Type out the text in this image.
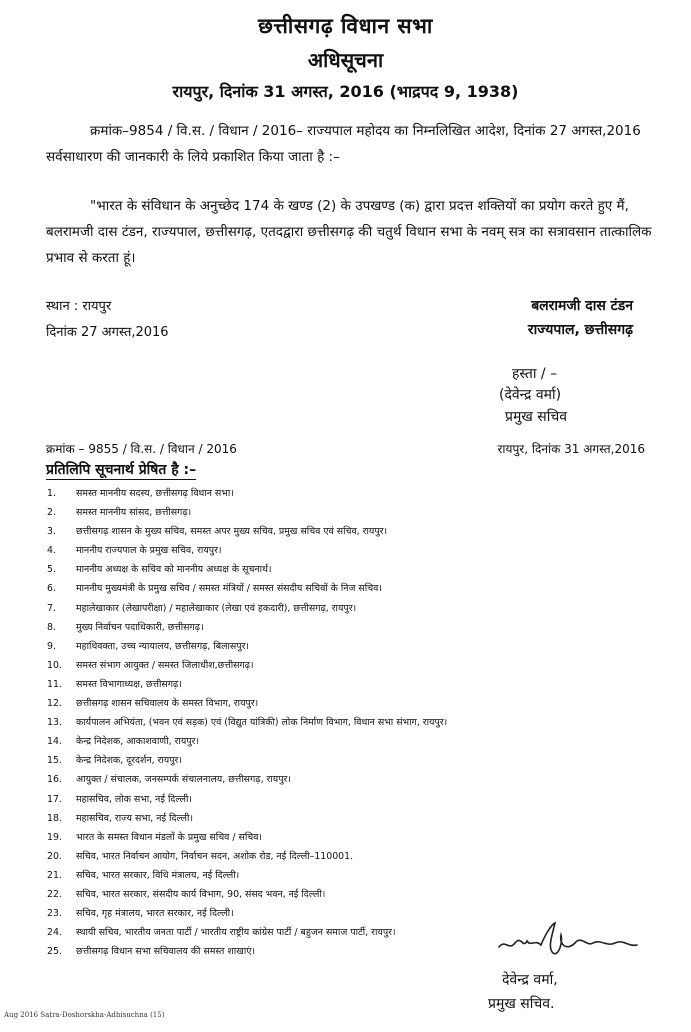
छत्तीसगढ़ विधान सभा
अधिसूचना
रायपुर, दिनांक 31 अगस्त, 2016 (भाद्रपद 9, 1938)
क्रमांक–9854 / वि.स. / विधान / 2016– राज्यपाल महोदय का निम्नलिखित आदेश, दिनांक 27 अगस्त,2016 सर्वसाधारण की जानकारी के लिये प्रकाशित किया जाता है :–
"भारत के संविधान के अनुच्छेद 174 के खण्ड (2) के उपखण्ड (क) द्वारा प्रदत्त शक्तियों का प्रयोग करते हुए मैं, बलरामजी दास टंडन, राज्यपाल, छत्तीसगढ़, एतदद्वारा छत्तीसगढ़ की चतुर्थ विधान सभा के नवम् सत्र का सत्रावसान तात्कालिक प्रभाव से करता हूं।
स्थान : रायपुर
दिनांक 27 अगस्त,2016
बलरामजी दास टंडन
राज्यपाल, छत्तीसगढ़
हस्ता / –
(देवेन्द्र वर्मा)
प्रमुख सचिव
क्रमांक – 9855 / वि.स. / विधान / 2016	रायपुर, दिनांक 31 अगस्त,2016
प्रतिलिपि सूचनार्थ प्रेषित है :–
1.	समस्त माननीय सदस्य, छत्तीसगढ़ विधान सभा।
2.	समस्त माननीय सांसद, छत्तीसगढ़।
3.	छत्तीसगढ़ शासन के मुख्य सचिव, समस्त अपर मुख्य सचिव, प्रमुख सचिव एवं सचिव, रायपुर।
4.	माननीय राज्यपाल के प्रमुख सचिव, रायपुर।
5.	माननीय अध्यक्ष के सचिव को माननीय अध्यक्ष के सूचनार्थ।
6.	माननीय मुख्यमंत्री के प्रमुख सचिव / समस्त मंत्रियों / समस्त संसदीय सचिवों के निज सचिव।
7.	महालेखाकार (लेखापरीक्षा) / महालेखाकार (लेखा एवं हकदारी), छत्तीसगढ़, रायपुर।
8.	मुख्य निर्वाचन पदाधिकारी, छत्तीसगढ़।
9.	महाधिवक्ता, उच्च न्यायालय, छत्तीसगढ़, बिलासपुर।
10.	समस्त संभाग आयुक्त / समस्त जिलाधीश,छत्तीसगढ़।
11.	समस्त विभागाध्यक्ष, छत्तीसगढ़।
12.	छत्तीसगढ़ शासन सचिवालय के समस्त विभाग, रायपुर।
13.	कार्यपालन अभियंता, (भवन एवं सड़क) एवं (विद्युत यांत्रिकी) लोक निर्माण विभाग, विधान सभा संभाग, रायपुर।
14.	केन्द्र निदेशक, आकाशवाणी, रायपुर।
15.	केन्द्र निदेशक, दूरदर्शन, रायपुर।
16.	आयुक्त / संचालक, जनसम्पर्क संचालनालय, छत्तीसगढ़, रायपुर।
17.	महासचिव, लोक सभा, नई दिल्ली।
18.	महासचिव, राज्य सभा, नई दिल्ली।
19.	भारत के समस्त विधान मंडलों के प्रमुख सचिव / सचिव।
20.	सचिव, भारत निर्वाचन आयोग, निर्वाचन सदन, अशोक रोड, नई दिल्ली–110001.
21.	सचिव, भारत सरकार, विधि मंत्रालय, नई दिल्ली।
22.	सचिव, भारत सरकार, संसदीय कार्य विभाग, 90, संसद भवन, नई दिल्ली।
23.	सचिव, गृह मंत्रालय, भारत सरकार, नई दिल्ली।
24.	स्थायी सचिव, भारतीय जनता पार्टी / भारतीय राष्ट्रीय कांग्रेस पार्टी / बहुजन समाज पार्टी, रायपुर।
25.	छत्तीसगढ़ विधान सभा सचिवालय की समस्त शाखाएं।
देवेन्द्र वर्मा,
प्रमुख सचिव.
Aug 2016 Satra-Doshorskha-Adhisuchna (15)
